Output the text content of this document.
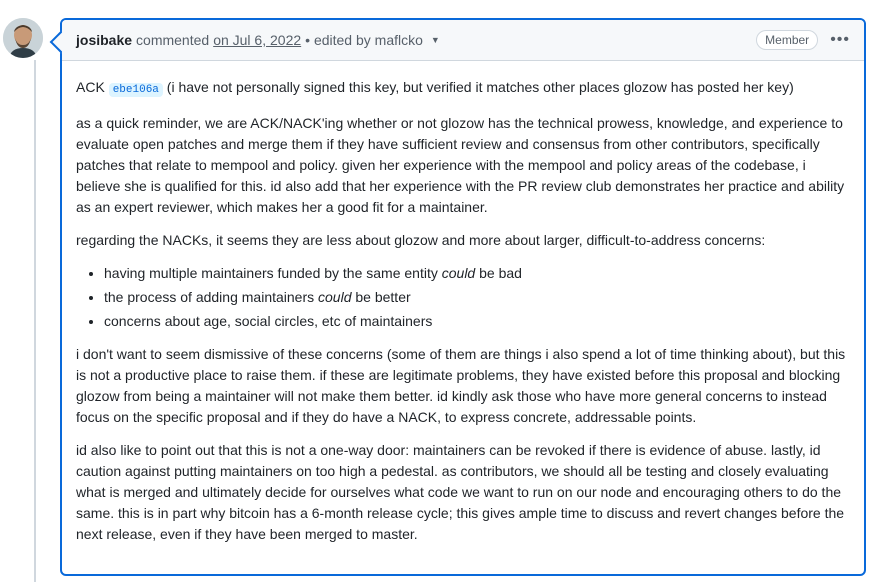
josibake commented on Jul 6, 2022 • edited by maflcko ▼	Member	•••

ACK ebe106a (i have not personally signed this key, but verified it matches other places glozow has posted her key)

as a quick reminder, we are ACK/NACK'ing whether or not glozow has the technical prowess, knowledge, and experience to evaluate open patches and merge them if they have sufficient review and consensus from other contributors, specifically patches that relate to mempool and policy. given her experience with the mempool and policy areas of the codebase, i believe she is qualified for this. id also add that her experience with the PR review club demonstrates her practice and ability as an expert reviewer, which makes her a good fit for a maintainer.

regarding the NACKs, it seems they are less about glozow and more about larger, difficult-to-address concerns:

• having multiple maintainers funded by the same entity could be bad
• the process of adding maintainers could be better
• concerns about age, social circles, etc of maintainers

i don't want to seem dismissive of these concerns (some of them are things i also spend a lot of time thinking about), but this is not a productive place to raise them. if these are legitimate problems, they have existed before this proposal and blocking glozow from being a maintainer will not make them better. id kindly ask those who have more general concerns to instead focus on the specific proposal and if they do have a NACK, to express concrete, addressable points.

id also like to point out that this is not a one-way door: maintainers can be revoked if there is evidence of abuse. lastly, id caution against putting maintainers on too high a pedestal. as contributors, we should all be testing and closely evaluating what is merged and ultimately decide for ourselves what code we want to run on our node and encouraging others to do the same. this is in part why bitcoin has a 6-month release cycle; this gives ample time to discuss and revert changes before the next release, even if they have been merged to master.
